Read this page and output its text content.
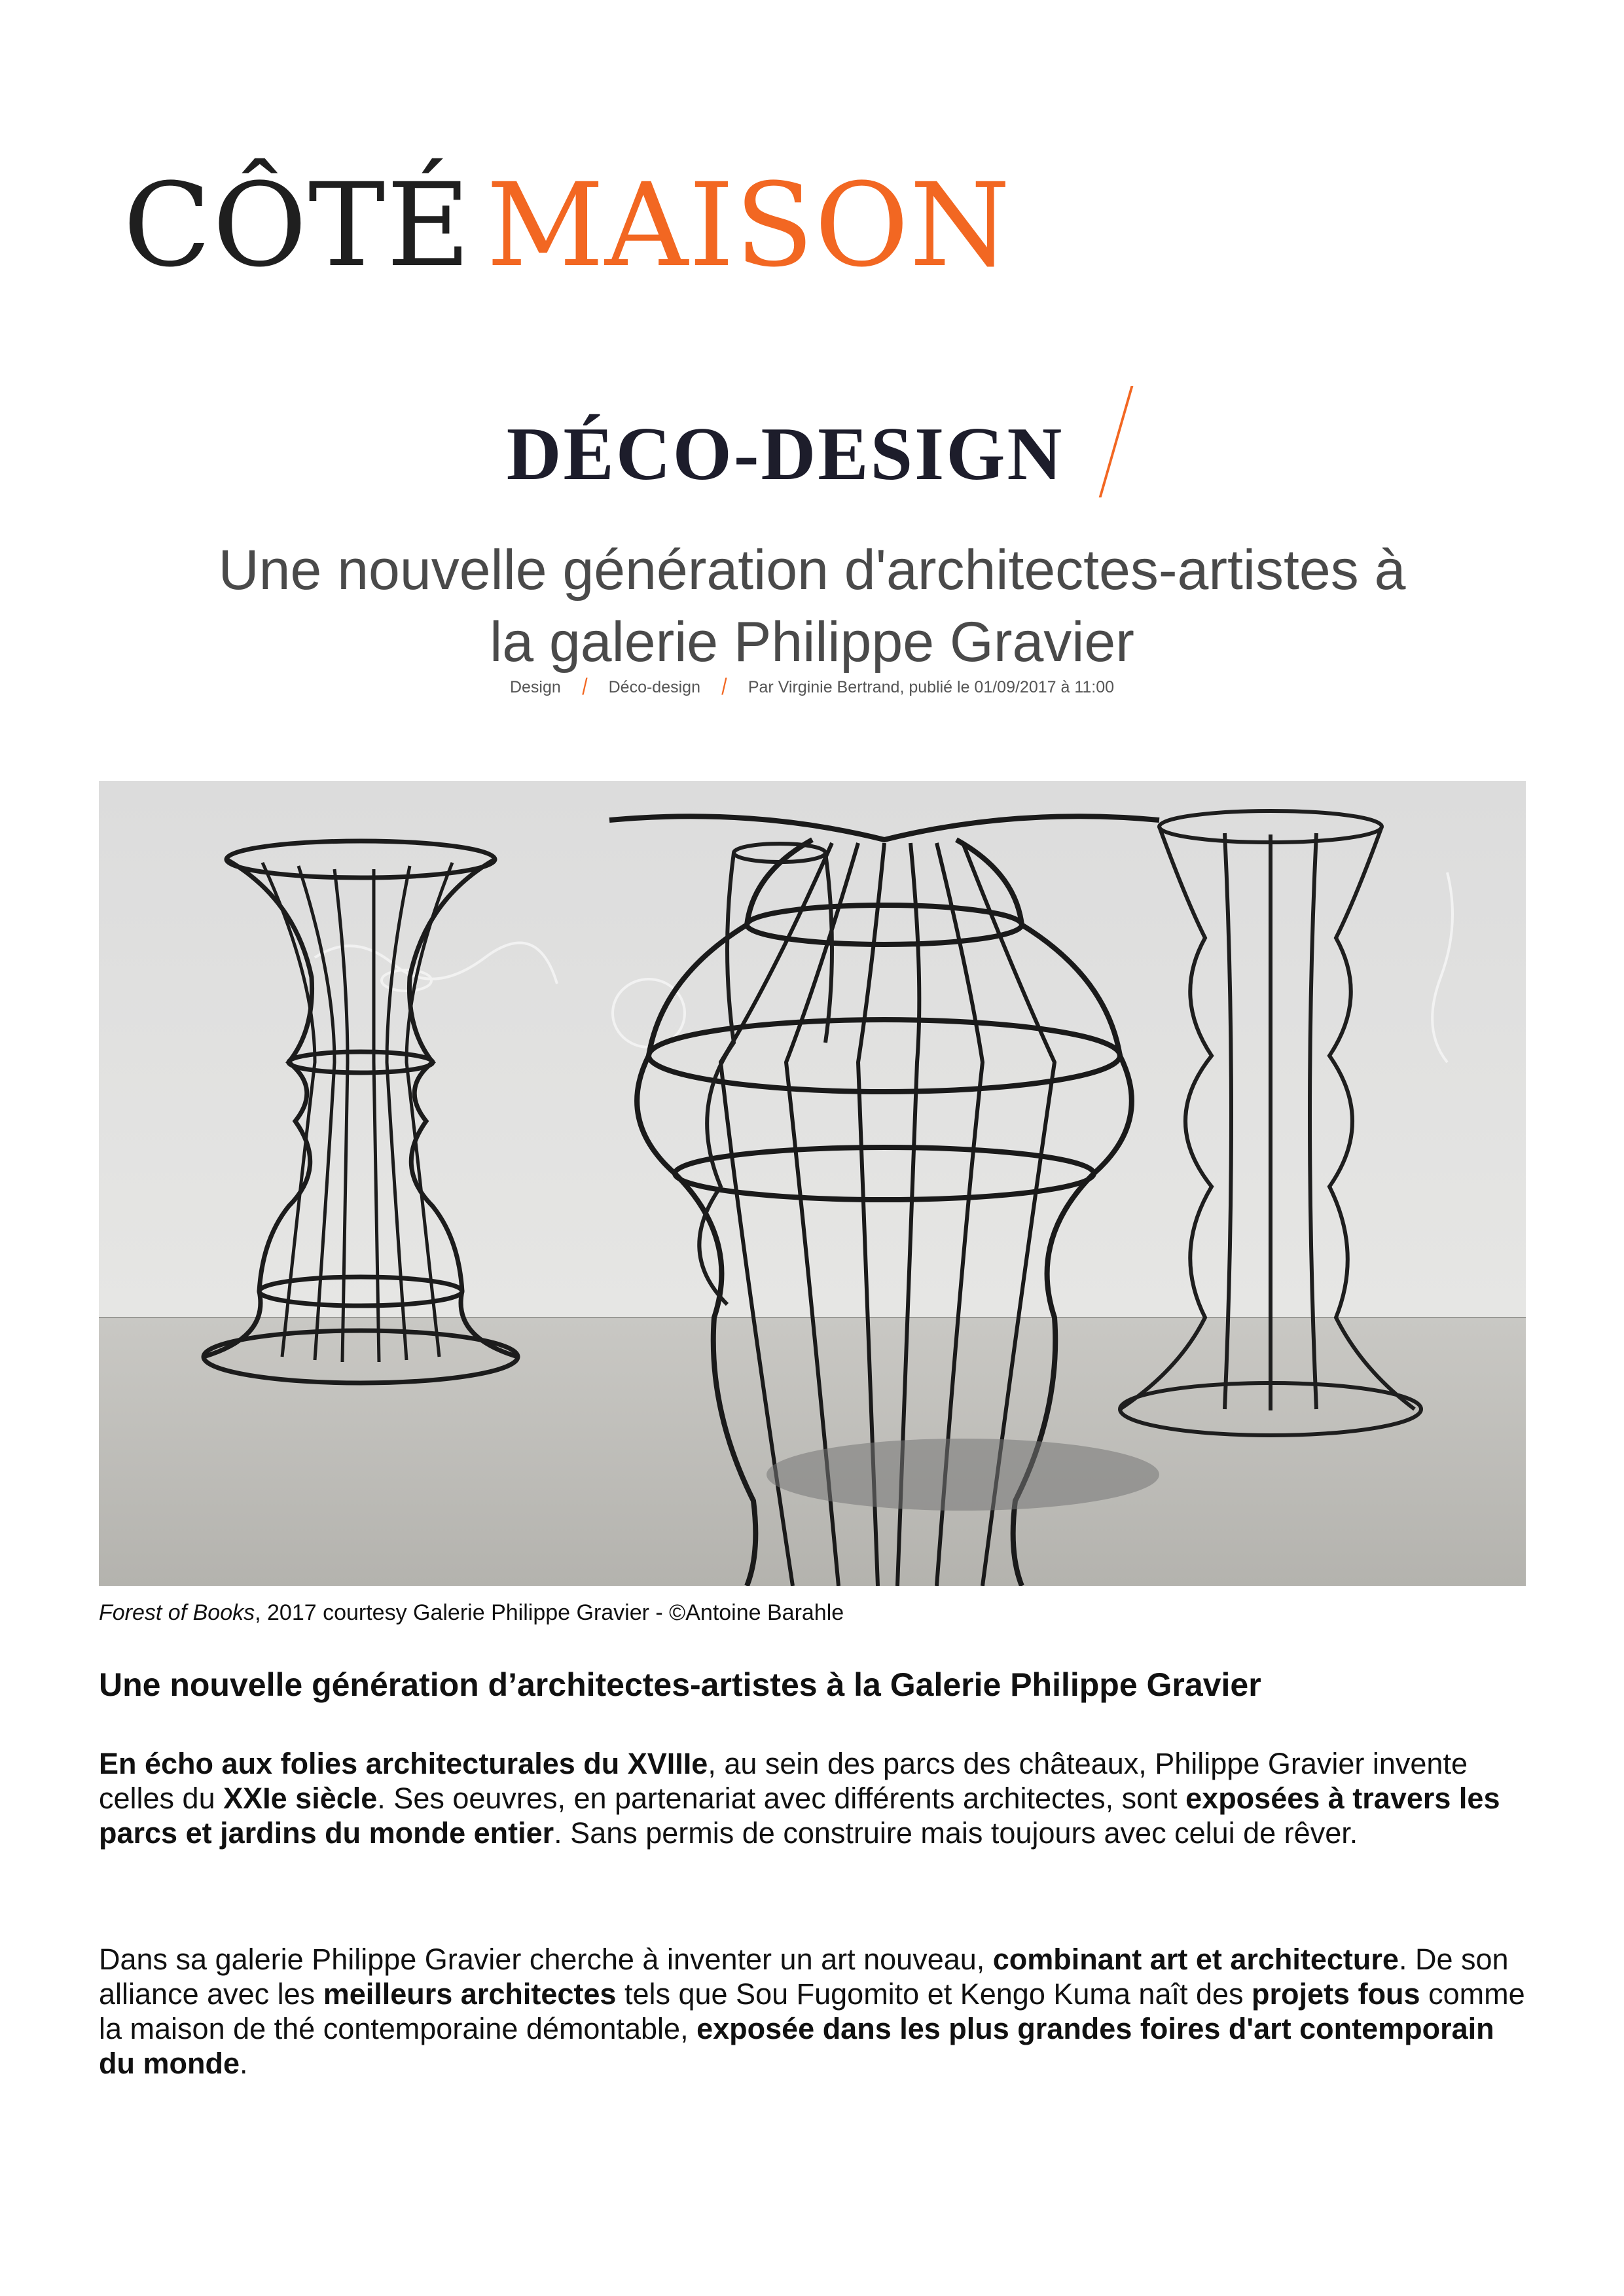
CÔTÉ MAISON
DÉCO-DESIGN
Une nouvelle génération d'architectes-artistes à
la galerie Philippe Gravier
Design / Déco-design / Par Virginie Bertrand, publié le 01/09/2017 à 11:00
Forest of Books, 2017 courtesy Galerie Philippe Gravier - ©Antoine Barahle
Une nouvelle génération d’architectes-artistes à la Galerie Philippe Gravier

En écho aux folies architecturales du XVIIIe, au sein des parcs des châteaux, Philippe Gravier invente celles du XXIe siècle. Ses oeuvres, en partenariat avec différents architectes, sont exposées à travers les parcs et jardins du monde entier. Sans permis de construire mais toujours avec celui de rêver.

Dans sa galerie Philippe Gravier cherche à inventer un art nouveau, combinant art et architecture. De son alliance avec les meilleurs architectes tels que Sou Fugomito et Kengo Kuma naît des projets fous comme la maison de thé contemporaine démontable, exposée dans les plus grandes foires d'art contemporain du monde.
